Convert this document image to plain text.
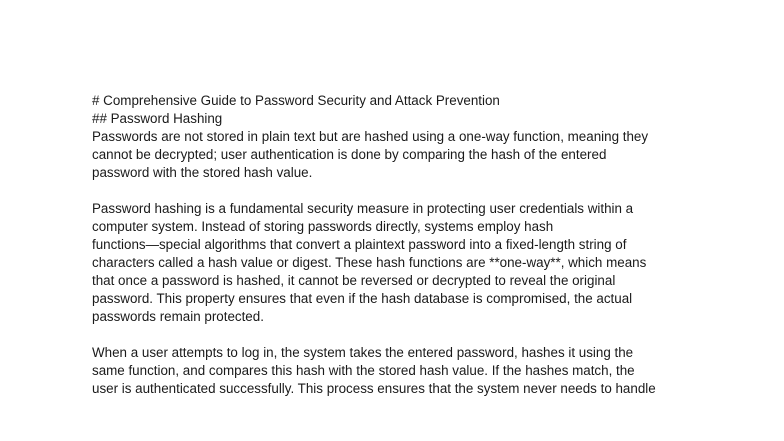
# Comprehensive Guide to Password Security and Attack Prevention

## Password Hashing

Passwords are not stored in plain text but are hashed using a one-way function, meaning they
cannot be decrypted; user authentication is done by comparing the hash of the entered
password with the stored hash value.
Password hashing is a fundamental security measure in protecting user credentials within a
computer system. Instead of storing passwords directly, systems employ hash
functions—special algorithms that convert a plaintext password into a fixed-length string of
characters called a hash value or digest. These hash functions are **one-way**, which means
that once a password is hashed, it cannot be reversed or decrypted to reveal the original
password. This property ensures that even if the hash database is compromised, the actual
passwords remain protected.
When a user attempts to log in, the system takes the entered password, hashes it using the
same function, and compares this hash with the stored hash value. If the hashes match, the
user is authenticated successfully. This process ensures that the system never needs to handle
